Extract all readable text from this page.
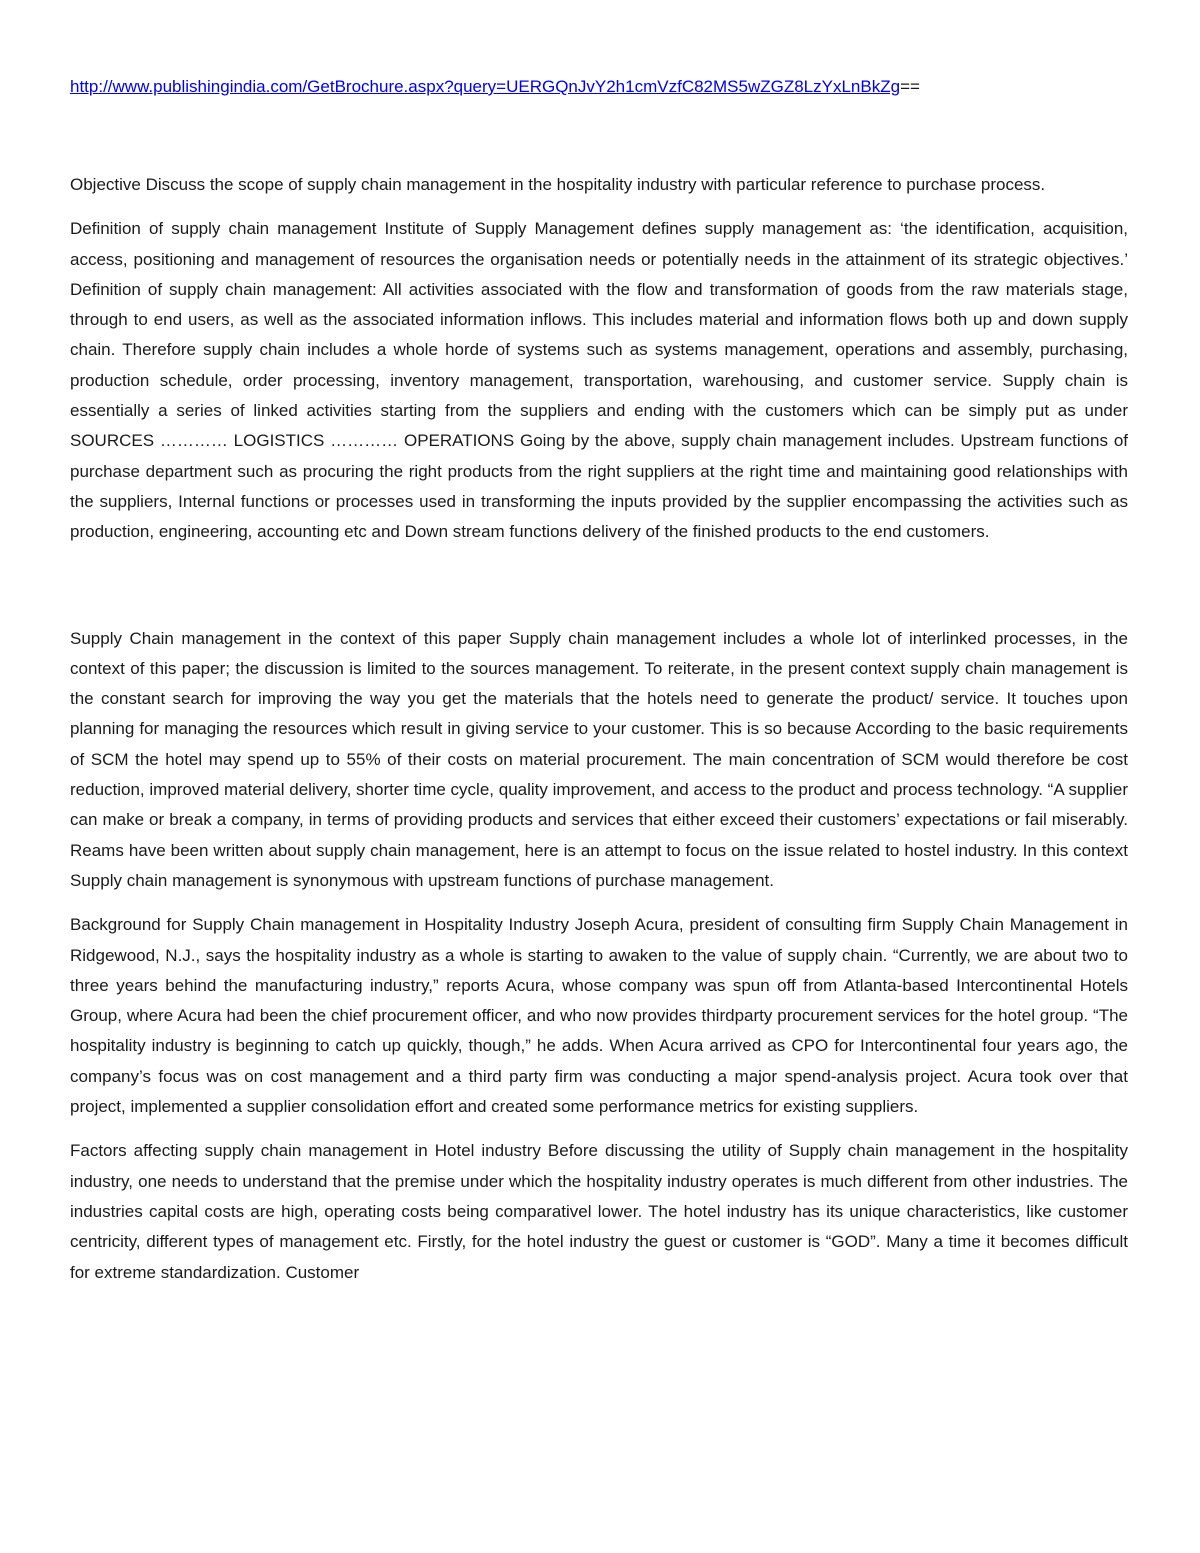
http://www.publishingindia.com/GetBrochure.aspx?query=UERGQnJvY2h1cmVzfC82MS5wZGZ8LzYxLnBkZg==

Objective Discuss the scope of supply chain management in the hospitality industry with particular reference to purchase process.

Definition of supply chain management Institute of Supply Management defines supply management as: ‘the identification, acquisition, access, positioning and management of resources the organisation needs or potentially needs in the attainment of its strategic objectives.’ Definition of supply chain management: All activities associated with the flow and transformation of goods from the raw materials stage, through to end users, as well as the associated information inflows. This includes material and information flows both up and down supply chain. Therefore supply chain includes a whole horde of systems such as systems management, operations and assembly, purchasing, production schedule, order processing, inventory management, transportation, warehousing, and customer service. Supply chain is essentially a series of linked activities starting from the suppliers and ending with the customers which can be simply put as under SOURCES ………… LOGISTICS ………… OPERATIONS Going by the above, supply chain management includes. Upstream functions of purchase department such as procuring the right products from the right suppliers at the right time and maintaining good relationships with the suppliers, Internal functions or processes used in transforming the inputs provided by the supplier encompassing the activities such as production, engineering, accounting etc and Down stream functions delivery of the finished products to the end customers.

Supply Chain management in the context of this paper Supply chain management includes a whole lot of interlinked processes, in the context of this paper; the discussion is limited to the sources management. To reiterate, in the present context supply chain management is the constant search for improving the way you get the materials that the hotels need to generate the product/ service. It touches upon planning for managing the resources which result in giving service to your customer. This is so because According to the basic requirements of SCM the hotel may spend up to 55% of their costs on material procurement. The main concentration of SCM would therefore be cost reduction, improved material delivery, shorter time cycle, quality improvement, and access to the product and process technology. “A supplier can make or break a company, in terms of providing products and services that either exceed their customers’ expectations or fail miserably. Reams have been written about supply chain management, here is an attempt to focus on the issue related to hostel industry. In this context Supply chain management is synonymous with upstream functions of purchase management.

Background for Supply Chain management in Hospitality Industry Joseph Acura, president of consulting firm Supply Chain Management in Ridgewood, N.J., says the hospitality industry as a whole is starting to awaken to the value of supply chain. “Currently, we are about two to three years behind the manufacturing industry,” reports Acura, whose company was spun off from Atlanta-based Intercontinental Hotels Group, where Acura had been the chief procurement officer, and who now provides thirdparty procurement services for the hotel group. “The hospitality industry is beginning to catch up quickly, though,” he adds. When Acura arrived as CPO for Intercontinental four years ago, the company’s focus was on cost management and a third party firm was conducting a major spend-analysis project. Acura took over that project, implemented a supplier consolidation effort and created some performance metrics for existing suppliers.

Factors affecting supply chain management in Hotel industry Before discussing the utility of Supply chain management in the hospitality industry, one needs to understand that the premise under which the hospitality industry operates is much different from other industries. The industries capital costs are high, operating costs being comparativel lower. The hotel industry has its unique characteristics, like customer centricity, different types of management etc. Firstly, for the hotel industry the guest or customer is “GOD”. Many a time it becomes difficult for extreme standardization. Customer
